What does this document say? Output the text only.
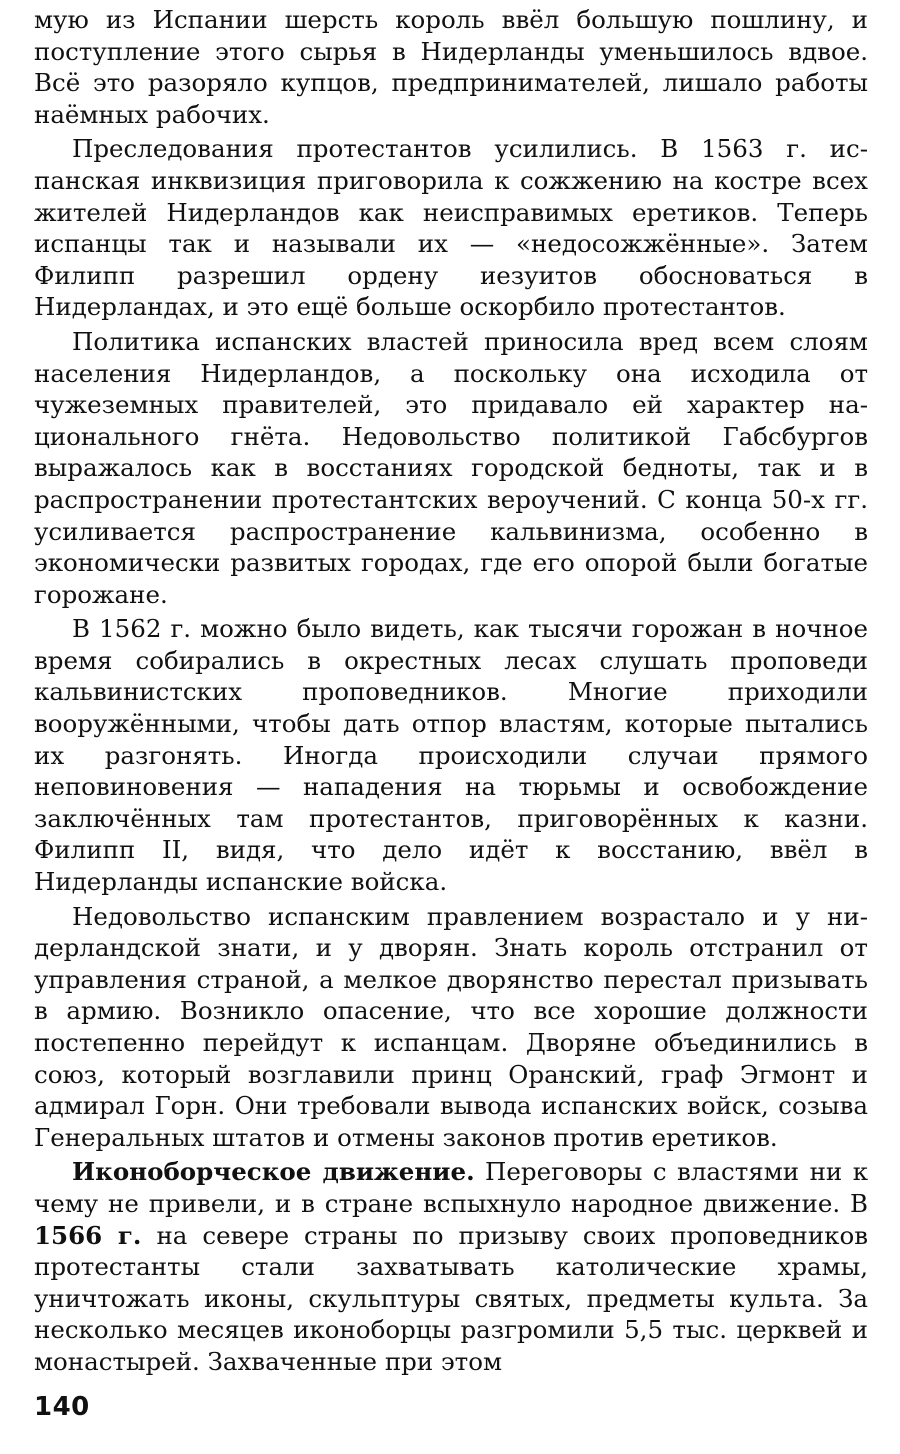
мую из Испании шерсть король ввёл большую пошлину, и поступление этого сырья в Нидерланды уменьшилось вдвое. Всё это разоряло купцов, предпринимателей, лишало работы наёмных рабочих.

Преследования протестантов усилились. В 1563 г. испанская инквизиция приговорила к сожжению на костре всех жителей Нидерландов как неисправимых еретиков. Теперь испанцы так и называли их — «недосожжённые». Затем Филипп разрешил ордену иезуитов обосноваться в Нидерландах, и это ещё больше оскорбило протестантов.

Политика испанских властей приносила вред всем слоям населения Нидерландов, а поскольку она исходила от чужеземных правителей, это придавало ей характер национального гнёта. Недовольство политикой Габсбургов выражалось как в восстаниях городской бедноты, так и в распространении протестантских вероучений. С конца 50-х гг. усиливается распространение кальвинизма, особенно в экономически развитых городах, где его опорой были богатые горожане.

В 1562 г. можно было видеть, как тысячи горожан в ночное время собирались в окрестных лесах слушать проповеди кальвинистских проповедников. Многие приходили вооружёнными, чтобы дать отпор властям, которые пытались их разгонять. Иногда происходили случаи прямого неповиновения — нападения на тюрьмы и освобождение заключённых там протестантов, приговорённых к казни. Филипп II, видя, что дело идёт к восстанию, ввёл в Нидерланды испанские войска.

Недовольство испанским правлением возрастало и у нидерландской знати, и у дворян. Знать король отстранил от управления страной, а мелкое дворянство перестал призывать в армию. Возникло опасение, что все хорошие должности постепенно перейдут к испанцам. Дворяне объединились в союз, который возглавили принц Оранский, граф Эгмонт и адмирал Горн. Они требовали вывода испанских войск, созыва Генеральных штатов и отмены законов против еретиков.

Иконоборческое движение. Переговоры с властями ни к чему не привели, и в стране вспыхнуло народное движение. В 1566 г. на севере страны по призыву своих проповедников протестанты стали захватывать католические храмы, уничтожать иконы, скульптуры святых, предметы культа. За несколько месяцев иконоборцы разгромили 5,5 тыс. церквей и монастырей. Захваченные при этом

140
